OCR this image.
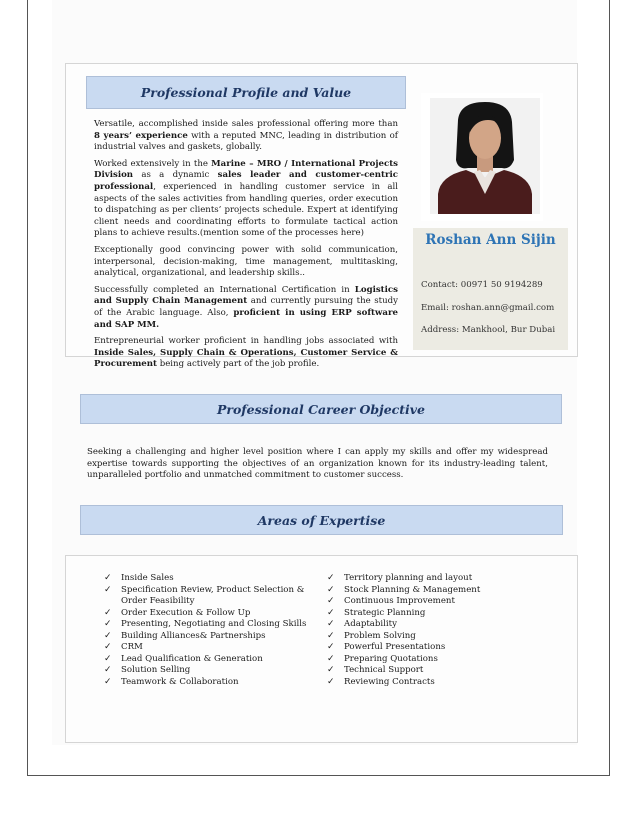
Professional Profile and Value

Versatile, accomplished inside sales professional offering more than 8 years’ experience with a reputed MNC, leading in distribution of industrial valves and gaskets, globally.

Worked extensively in the Marine – MRO / International Projects Division as a dynamic sales leader and customer-centric professional, experienced in handling customer service in all aspects of the sales activities from handling queries, order execution to dispatching as per clients’ projects schedule. Expert at identifying client needs and coordinating efforts to formulate tactical action plans to achieve results.(mention some of the processes here)

Exceptionally good convincing power with solid communication, interpersonal, decision-making, time management, multitasking, analytical, organizational, and leadership skills..

Successfully completed an International Certification in Logistics and Supply Chain Management and currently pursuing the study of the Arabic language. Also, proficient in using ERP software and SAP MM.

Entrepreneurial worker proficient in handling jobs associated with Inside Sales, Supply Chain & Operations, Customer Service & Procurement being actively part of the job profile.

Roshan Ann Sijin
Contact: 00971 50 9194289
Email: roshan.ann@gmail.com
Address: Mankhool, Bur Dubai
Professional Career Objective
Seeking a challenging and higher level position where I can apply my skills and offer my widespread expertise towards supporting the objectives of an organization known for its industry-leading talent, unparalleled portfolio and unmatched commitment to customer success.
Areas of Expertise
✓ Inside Sales
✓ Specification Review, Product Selection & Order Feasibility
✓ Order Execution & Follow Up
✓ Presenting, Negotiating and Closing Skills
✓ Building Alliances& Partnerships
✓ CRM
✓ Lead Qualification & Generation
✓ Solution Selling
✓ Teamwork & Collaboration
✓ Territory planning and layout
✓ Stock Planning & Management
✓ Continuous Improvement
✓ Strategic Planning
✓ Adaptability
✓ Problem Solving
✓ Powerful Presentations
✓ Preparing Quotations
✓ Technical Support
✓ Reviewing Contracts
